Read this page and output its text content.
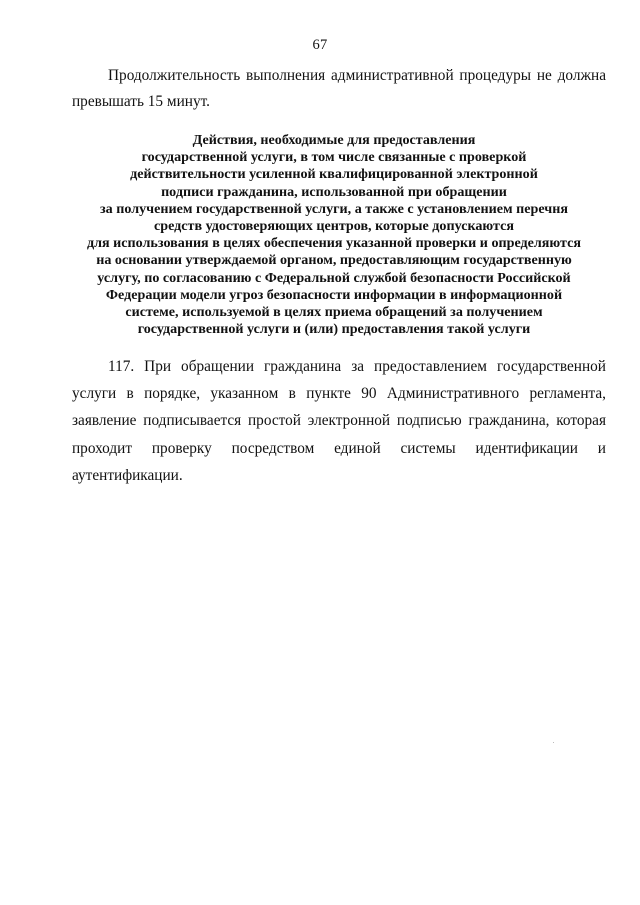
67

Продолжительность выполнения административной процедуры не должна превышать 15 минут.

Действия, необходимые для предоставления
государственной услуги, в том числе связанные с проверкой
действительности усиленной квалифицированной электронной
подписи гражданина, использованной при обращении
за получением государственной услуги, а также с установлением перечня
средств удостоверяющих центров, которые допускаются
для использования в целях обеспечения указанной проверки и определяются
на основании утверждаемой органом, предоставляющим государственную
услугу, по согласованию с Федеральной службой безопасности Российской
Федерации модели угроз безопасности информации в информационной
системе, используемой в целях приема обращений за получением
государственной услуги и (или) предоставления такой услуги

117. При обращении гражданина за предоставлением государственной услуги в порядке, указанном в пункте 90 Административного регламента, заявление подписывается простой электронной подписью гражданина, которая проходит проверку посредством единой системы идентификации и аутентификации.
